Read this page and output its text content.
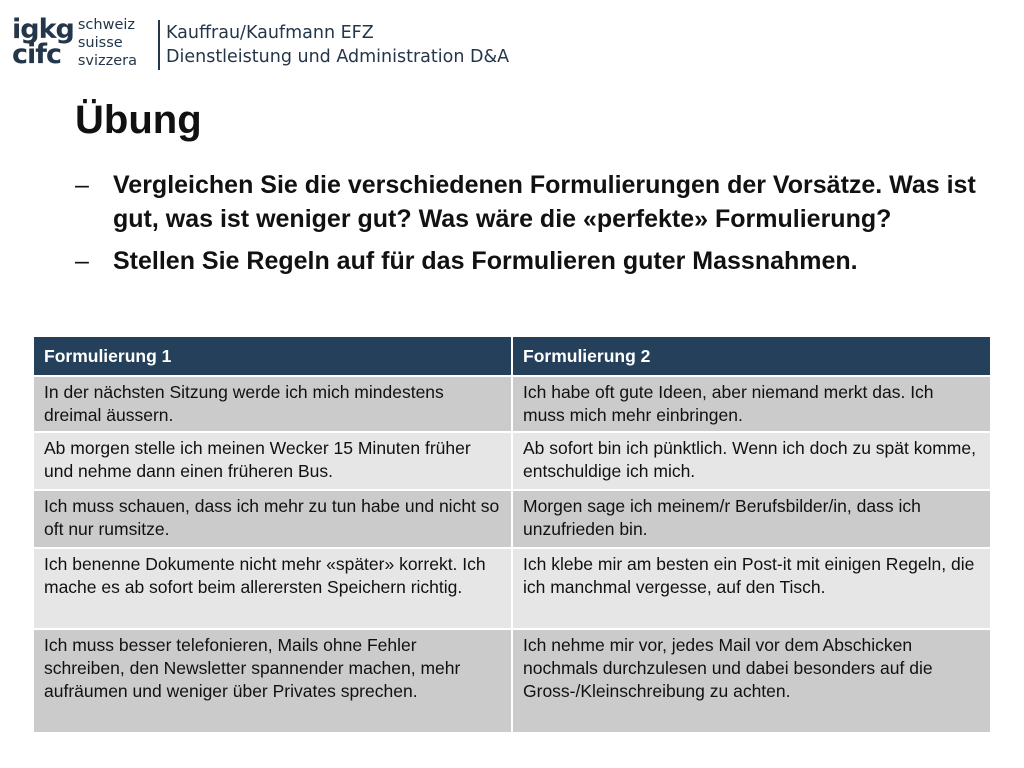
igkg
cifc
schweiz
suisse
svizzera
Kauffrau/Kaufmann EFZ
Dienstleistung und Administration D&A
Übung
– Vergleichen Sie die verschiedenen Formulierungen der Vorsätze. Was ist gut, was ist weniger gut? Was wäre die «perfekte» Formulierung?
– Stellen Sie Regeln auf für das Formulieren guter Massnahmen.
Formulierung 1	Formulierung 2
In der nächsten Sitzung werde ich mich mindestens dreimal äussern.	Ich habe oft gute Ideen, aber niemand merkt das. Ich muss mich mehr einbringen.
Ab morgen stelle ich meinen Wecker 15 Minuten früher und nehme dann einen früheren Bus.	Ab sofort bin ich pünktlich. Wenn ich doch zu spät komme, entschuldige ich mich.
Ich muss schauen, dass ich mehr zu tun habe und nicht so oft nur rumsitze.	Morgen sage ich meinem/r Berufsbilder/in, dass ich unzufrieden bin.
Ich benenne Dokumente nicht mehr «später» korrekt. Ich mache es ab sofort beim allerersten Speichern richtig.	Ich klebe mir am besten ein Post-it mit einigen Regeln, die ich manchmal vergesse, auf den Tisch.
Ich muss besser telefonieren, Mails ohne Fehler schreiben, den Newsletter spannender machen, mehr aufräumen und weniger über Privates sprechen.	Ich nehme mir vor, jedes Mail vor dem Abschicken nochmals durchzulesen und dabei besonders auf die Gross-/Kleinschreibung zu achten.
